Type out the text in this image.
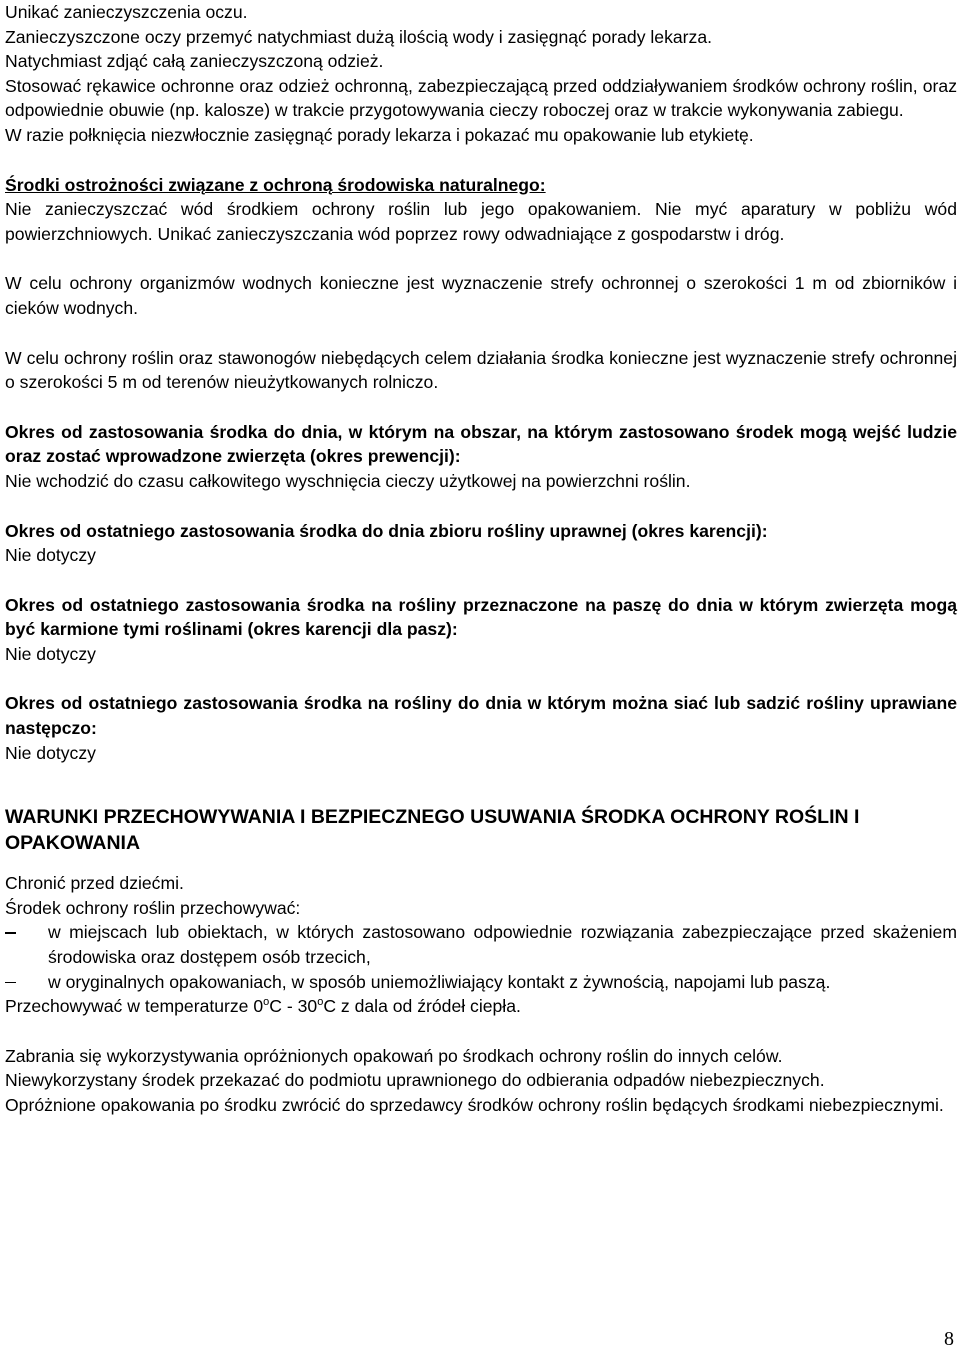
Unikać zanieczyszczenia oczu.

Zanieczyszczone oczy przemyć natychmiast dużą ilością wody i zasięgnąć porady lekarza.

Natychmiast zdjąć całą zanieczyszczoną odzież.

Stosować rękawice ochronne oraz odzież ochronną, zabezpieczającą przed oddziaływaniem środków ochrony roślin, oraz odpowiednie obuwie (np. kalosze) w trakcie przygotowywania cieczy roboczej oraz w trakcie wykonywania zabiegu.

W razie połknięcia niezwłocznie zasięgnąć porady lekarza i pokazać mu opakowanie lub etykietę.

Środki ostrożności związane z ochroną środowiska naturalnego:

Nie zanieczyszczać wód środkiem ochrony roślin lub jego opakowaniem. Nie myć aparatury w pobliżu wód powierzchniowych. Unikać zanieczyszczania wód poprzez rowy odwadniające z gospodarstw i dróg.

W celu ochrony organizmów wodnych konieczne jest wyznaczenie strefy ochronnej o szerokości 1 m od zbiorników i cieków wodnych.

W celu ochrony roślin oraz stawonogów niebędących celem działania środka konieczne jest wyznaczenie strefy ochronnej o szerokości 5 m od terenów nieużytkowanych rolniczo.

Okres od zastosowania środka do dnia, w którym na obszar, na którym zastosowano środek mogą wejść ludzie oraz zostać wprowadzone zwierzęta (okres prewencji):

Nie wchodzić do czasu całkowitego wyschnięcia cieczy użytkowej na powierzchni roślin.

Okres od ostatniego zastosowania środka do dnia zbioru rośliny uprawnej (okres karencji):

Nie dotyczy

Okres od ostatniego zastosowania środka na rośliny przeznaczone na paszę do dnia w którym zwierzęta mogą być karmione tymi roślinami (okres karencji dla pasz):

Nie dotyczy

Okres od ostatniego zastosowania środka na rośliny do dnia w którym można siać lub sadzić rośliny uprawiane następczo:

Nie dotyczy

WARUNKI PRZECHOWYWANIA I BEZPIECZNEGO USUWANIA ŚRODKA OCHRONY ROŚLIN I OPAKOWANIA

Chronić przed dziećmi.

Środek ochrony roślin przechowywać:

w miejscach lub obiektach, w których zastosowano odpowiednie rozwiązania zabezpieczające przed skażeniem środowiska oraz dostępem osób trzecich,
w oryginalnych opakowaniach, w sposób uniemożliwiający kontakt z żywnością, napojami lub paszą.

Przechowywać w temperaturze 0$^o$C - 30$^o$C z dala od źródeł ciepła.

Zabrania się wykorzystywania opróżnionych opakowań po środkach ochrony roślin do innych celów.

Niewykorzystany środek przekazać do podmiotu uprawnionego do odbierania odpadów niebezpiecznych.

Opróżnione opakowania po środku zwrócić do sprzedawcy środków ochrony roślin będących środkami niebezpiecznymi.

8
